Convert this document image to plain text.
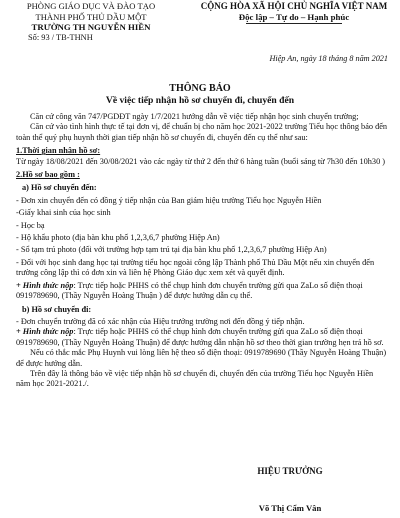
PHÒNG GIÁO DỤC VÀ ĐÀO TẠO
THÀNH PHỐ THỦ DẦU MỘT
TRƯỜNG TH NGUYỄN HIỀN
Số: 93 / TB-THNH
CỘNG HÒA XÃ HỘI CHỦ NGHĨA VIỆT NAM
Độc lập – Tự do – Hạnh phúc
Hiệp An, ngày 18 tháng 8 năm 2021
THÔNG BÁO
Về việc tiếp nhận hồ sơ chuyển đi, chuyển đến

Căn cứ công văn 747/PGDĐT ngày 1/7/2021 hướng dẫn về việc tiếp nhận học sinh chuyển trường;

Căn cứ vào tình hình thực tế tại đơn vị, để chuẩn bị cho năm học 2021-2022 trường Tiểu học thông báo đến toàn thể quý phụ huynh thời gian tiếp nhận hồ sơ chuyển đi, chuyển đến cụ thể như sau:

1.Thời gian nhận hồ sơ:

Từ ngày 18/08/2021 đến 30/08/2021 vào các ngày từ thứ 2 đến thứ 6 hàng tuần (buổi sáng từ 7h30 đến 10h30 )

2.Hồ sơ bao gồm :
a) Hồ sơ chuyển đến:

- Đơn xin chuyển đến có đồng ý tiếp nhận của Ban giám hiệu trường Tiểu học Nguyễn Hiền

-Giấy khai sinh của học sinh

- Học bạ

- Hộ khẩu photo (địa bàn khu phố 1,2,3,6,7 phường Hiệp An)

- Sổ tạm trú photo (đối với trường hợp tạm trú tại địa bàn khu phố 1,2,3,6,7 phường Hiệp An)

- Đối với học sinh đang học tại trường tiểu học ngoài công lập Thành phố Thủ Dầu Một nếu xin chuyển đến trường công lập thì có đơn xin và liên hệ Phòng Giáo dục xem xét và quyết định.

+ Hình thức nộp: Trực tiếp hoặc PHHS có thể chụp hình đơn chuyển trường gửi qua ZaLo số điện thoại 0919789690, (Thầy Nguyễn Hoàng Thuận ) để được hướng dẫn cụ thể.

b) Hồ sơ chuyển đi:

- Đơn chuyển trường đã có xác nhận của Hiệu trưởng trường nơi đến đồng ý tiếp nhận.

+ Hình thức nộp: Trực tiếp hoặc PHHS có thể chụp hình đơn chuyển trường gửi qua ZaLo số điện thoại 0919789690, (Thầy Nguyễn Hoàng Thuận) để được hướng dẫn nhận hồ sơ theo thời gian trường hẹn trả hồ sơ.

Nếu có thắc mắc Phụ Huynh vui lòng liên hệ theo số điện thoại: 0919789690 (Thầy Nguyễn Hoàng Thuận) để được hướng dẫn.

Trên đây là thông báo về việc tiếp nhận hồ sơ chuyển đi, chuyển đến của trường Tiểu học Nguyễn Hiền năm học 2021-2021./.

HIỆU TRƯỞNG
Võ Thị Cẩm Vân
